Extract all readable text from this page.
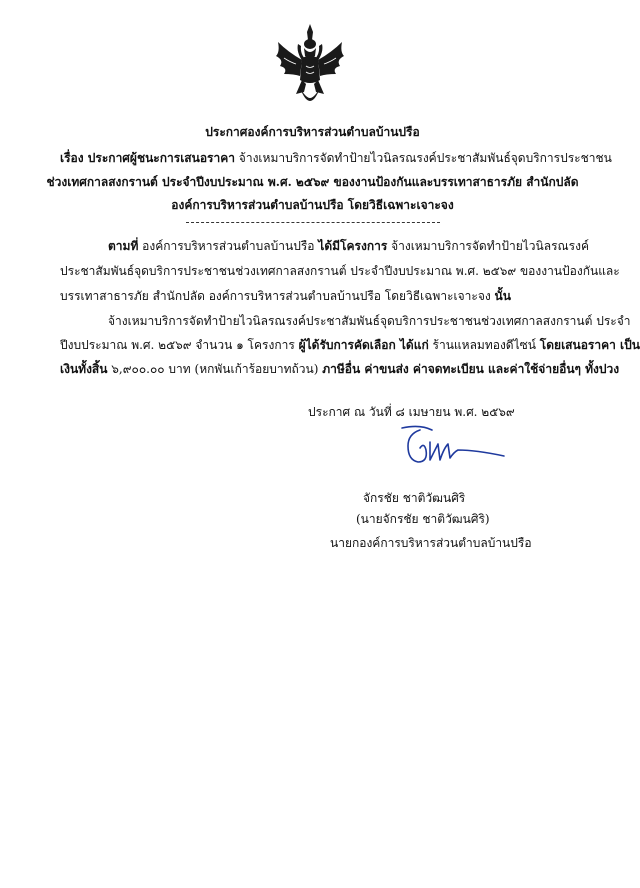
ประกาศองค์การบริหารส่วนตำบลบ้านปรือ
เรื่อง ประกาศผู้ชนะการเสนอราคา จ้างเหมาบริการจัดทำป้ายไวนิลรณรงค์ประชาสัมพันธ์จุดบริการประชาชน
ช่วงเทศกาลสงกรานต์ ประจำปีงบประมาณ พ.ศ. ๒๕๖๙ ของงานป้องกันและบรรเทาสาธารภัย สำนักปลัด
องค์การบริหารส่วนตำบลบ้านปรือ โดยวิธีเฉพาะเจาะจง
ตามที่ องค์การบริหารส่วนตำบลบ้านปรือ ได้มีโครงการ จ้างเหมาบริการจัดทำป้ายไวนิลรณรงค์
ประชาสัมพันธ์จุดบริการประชาชนช่วงเทศกาลสงกรานต์ ประจำปีงบประมาณ พ.ศ. ๒๕๖๙ ของงานป้องกันและ
บรรเทาสาธารภัย สำนักปลัด องค์การบริหารส่วนตำบลบ้านปรือ โดยวิธีเฉพาะเจาะจง นั้น
จ้างเหมาบริการจัดทำป้ายไวนิลรณรงค์ประชาสัมพันธ์จุดบริการประชาชนช่วงเทศกาลสงกรานต์ ประจำ
ปีงบประมาณ พ.ศ. ๒๕๖๙ จำนวน ๑ โครงการ ผู้ได้รับการคัดเลือก ได้แก่ ร้านแหลมทองดีไซน์ โดยเสนอราคา เป็น
เงินทั้งสิ้น ๖,๙๐๐.๐๐ บาท (หกพันเก้าร้อยบาทถ้วน) ภาษีอื่น ค่าขนส่ง ค่าจดทะเบียน และค่าใช้จ่ายอื่นๆ ทั้งปวง
ประกาศ ณ วันที่ ๘ เมษายน พ.ศ. ๒๕๖๙
จักรชัย ชาติวัฒนศิริ
(นายจักรชัย ชาติวัฒนศิริ)
นายกองค์การบริหารส่วนตำบลบ้านปรือ
